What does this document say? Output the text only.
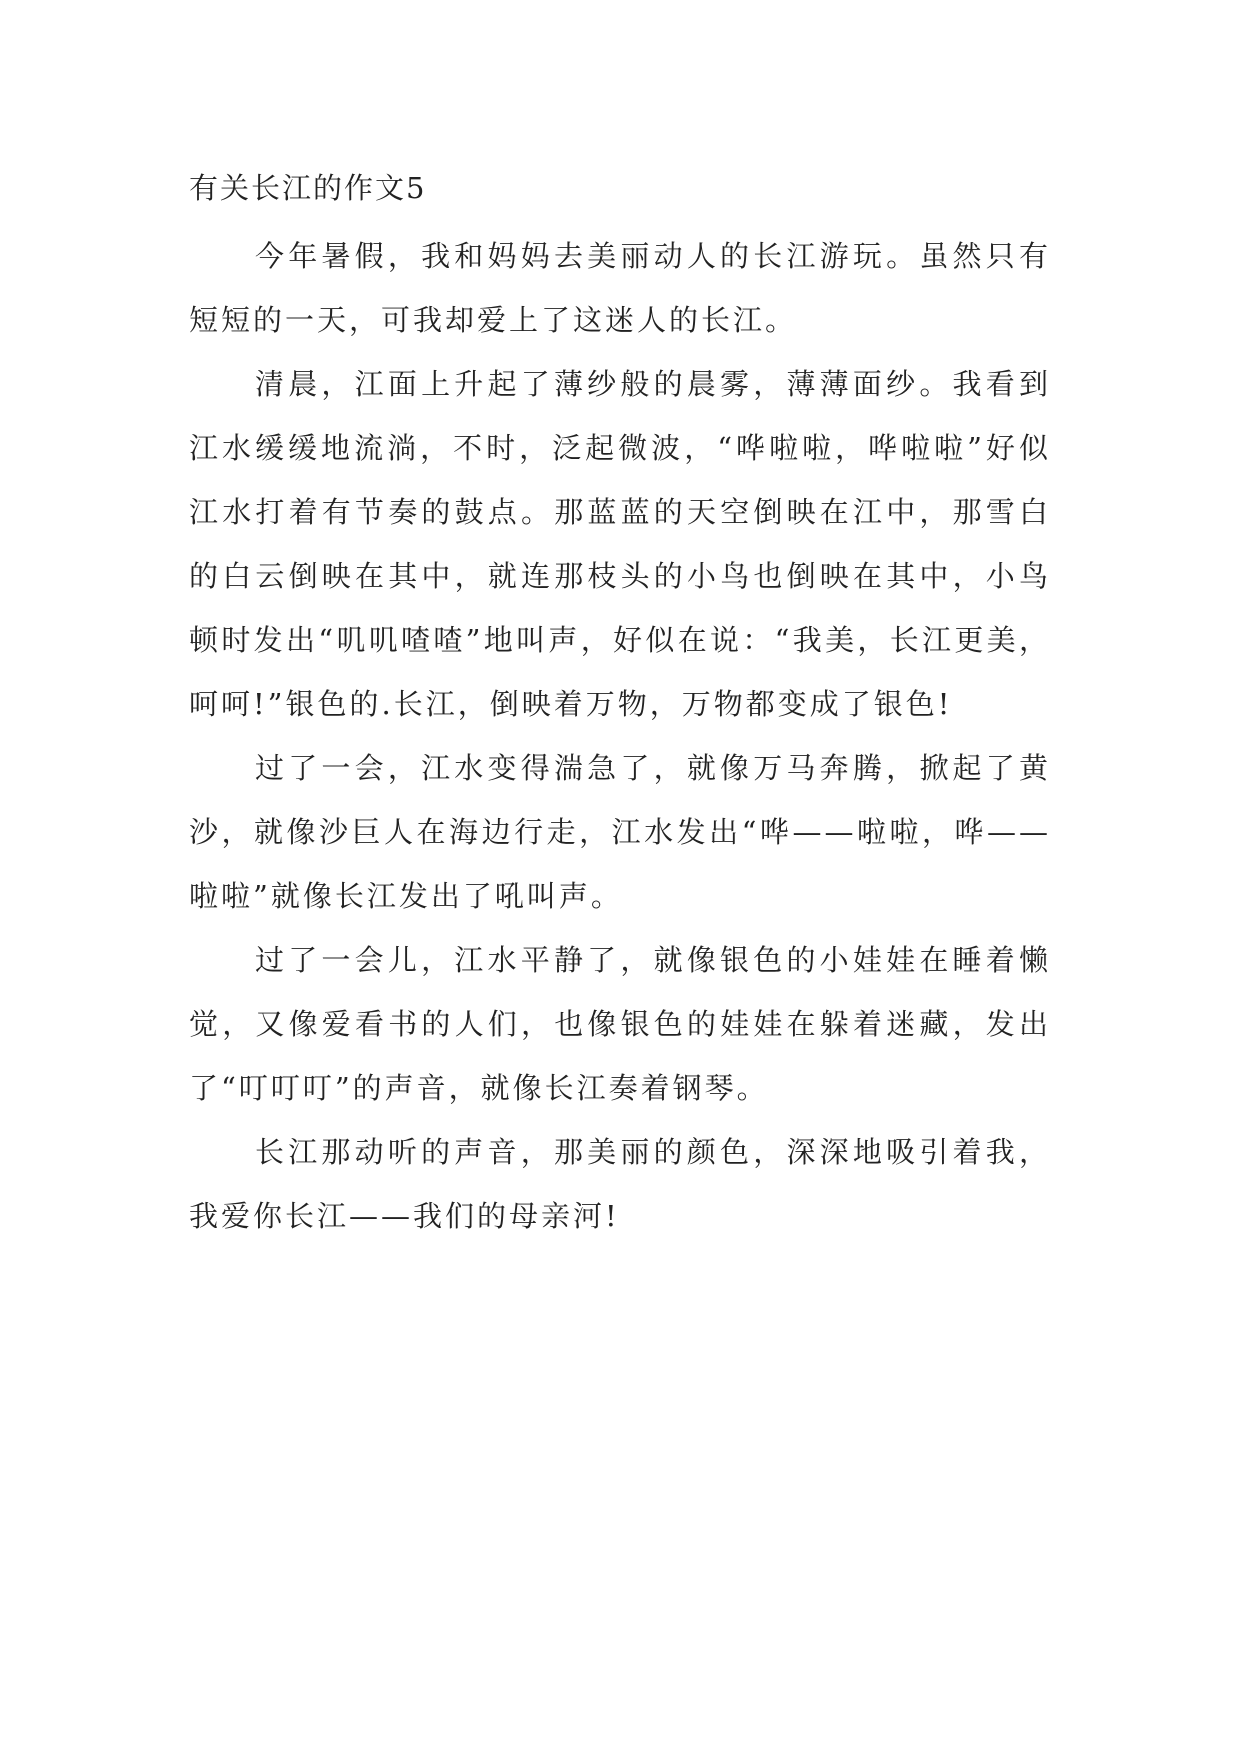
有关长江的作文5

今年暑假，我和妈妈去美丽动人的长江游玩。虽然只有短短的一天，可我却爱上了这迷人的长江。

清晨，江面上升起了薄纱般的晨雾，薄薄面纱。我看到江水缓缓地流淌，不时，泛起微波，“哗啦啦，哗啦啦”好似江水打着有节奏的鼓点。那蓝蓝的天空倒映在江中，那雪白的白云倒映在其中，就连那枝头的小鸟也倒映在其中，小鸟顿时发出“叽叽喳喳”地叫声，好似在说：“我美，长江更美，呵呵!”银色的.长江，倒映着万物，万物都变成了银色!

过了一会，江水变得湍急了，就像万马奔腾，掀起了黄沙，就像沙巨人在海边行走，江水发出“哗——啦啦，哗——啦啦”就像长江发出了吼叫声。

过了一会儿，江水平静了，就像银色的小娃娃在睡着懒觉，又像爱看书的人们，也像银色的娃娃在躲着迷藏，发出了“叮叮叮”的声音，就像长江奏着钢琴。

长江那动听的声音，那美丽的颜色，深深地吸引着我，我爱你长江——我们的母亲河!
